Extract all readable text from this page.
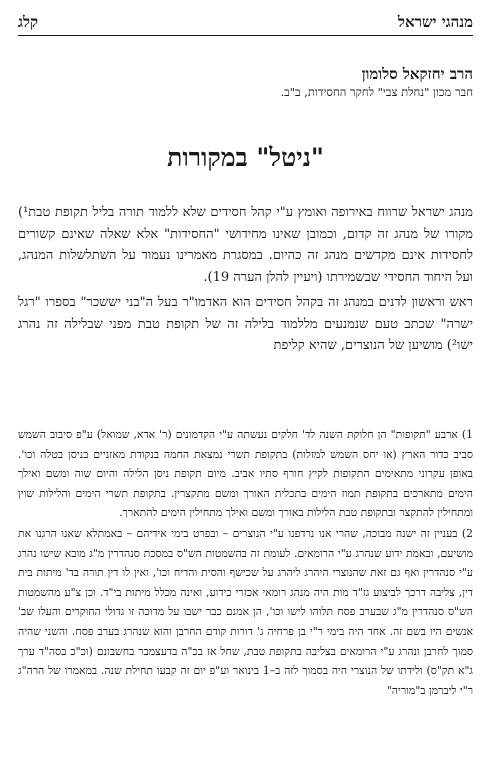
מנהגי ישראל
קלג
הרב יחזקאל סלומון
חבר מכון "נחלת צבי" לחקר החסידות, ב"ב.
"ניטל" במקורות

מנהג ישראל שרווח באירופה ואומץ ע"י קהל חסידים שלא ללמוד תורה בליל תקופת טבת¹) מקורו של מנהג זה קדום, וכמובן שאינו מחידושי "החסידות" אלא שאלה שאינם קשורים לחסידות אינם מקדשים מנהג זה כהיום. במסגרת מאמרינו נעמוד על השתלשלות המנהג, ועל היחוד החסידי שבשמירתו (ויעיין להלן הערה 19).

ראש וראשון לדנים במנהג זה בקהל חסידים הוא האדמו"ר בעל ה"בני יששכר" בספרו "רגל ישרה" שכתב טעם שנמנעים מללמוד בלילה זה של תקופת טבת מפני שבלילה זה נהרג ישו²) מושיען של הנוצרים, שהיא קליפת

1) ארבע "תקופות" הן חלוקת השנה לד' חלקים נעשתה ע"י הקדמונים (ר' אדא, שמואל) ע"פ סיבוב השמש סביב כדור הארץ (או יחס השמש למזלות) בתקופת תשרי נמצאת החמה בנקודת מאזניים בניסן בטלה וכו'. באופן עקרוני מתאימים התקופות לקיץ חורף סתיו אביב. מיום תקופת ניסן הלילה והיום שוה ומשם ואילך הימים מתארכים בתקופת תמוז הימים בתכלית האורך ומשם מתקצרין. בתקופת תשרי הימים והלילות שוין ומתחילין להתקצר ובתקופת טבת הלילות באורך ומשם ואילך מתחילין הימים להתארך.

2) בעניין זה ישנה מבוכה, שהרי אנו נרדפנו ע"י הנוצרים – ובפרט בימי אידיהם – באמתלא שאנו הרגנו את מושיעם, ובאמת ידוע שנהרג ע"י הרומאים. לעומת זה בהשמטות הש"ס במסכת סנהדרין מ"ג מובא שישו נהרג ע"י סנהדרין ואף גם זאת שהנוצרי היהרג ליהרג על שכישף והסית והדיח וכו', ואין לו דין תורה בד' מיתות בית דין, צליבה דרכך לביצוע גז"ד מות היה מנהג רומאי אכזרי כידוע, ואינה מכלל מיתות בי"ד. וכן צ"ע מהשמטות הש"ס סנהדרין מ"ג שבערב פסח תלוהו לישו וכו', הן אמנם כבר ישבו על מדוכה זו גדולי החוקרים והעלו שב' אנשים היו בשם זה. אחד היה בימי ר"י בן פרחיה ג' דורות קודם החרבן והוא שנהרג בערב פסח. והשני שהיה סמוך לחרבן ונהרג ע"י הרומאים בצליבה בתקופת טבת, שחל אז בכ"ה בדעצמבר בחשבונם (וכ"כ בסה"ד ערך ג"א תק"ס) ולידתו של הנוצרי היה בסמוך לזה ב–1 בינואר וע"פ יום זה קבעו תחילת שנה. במאמרו של הרה"ג ר"י ליברמן ב"מוריה"
